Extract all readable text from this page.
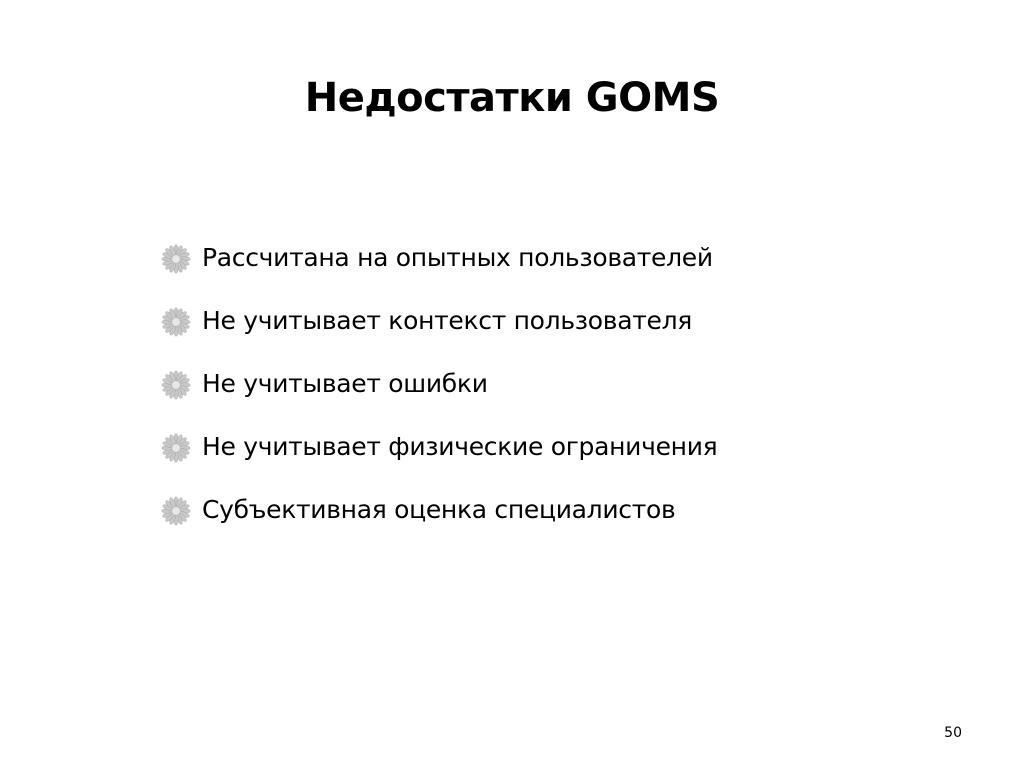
Недостатки GOMS
Рассчитана на опытных пользователей
Не учитывает контекст пользователя
Не учитывает ошибки
Не учитывает физические ограничения
Субъективная оценка специалистов
50
